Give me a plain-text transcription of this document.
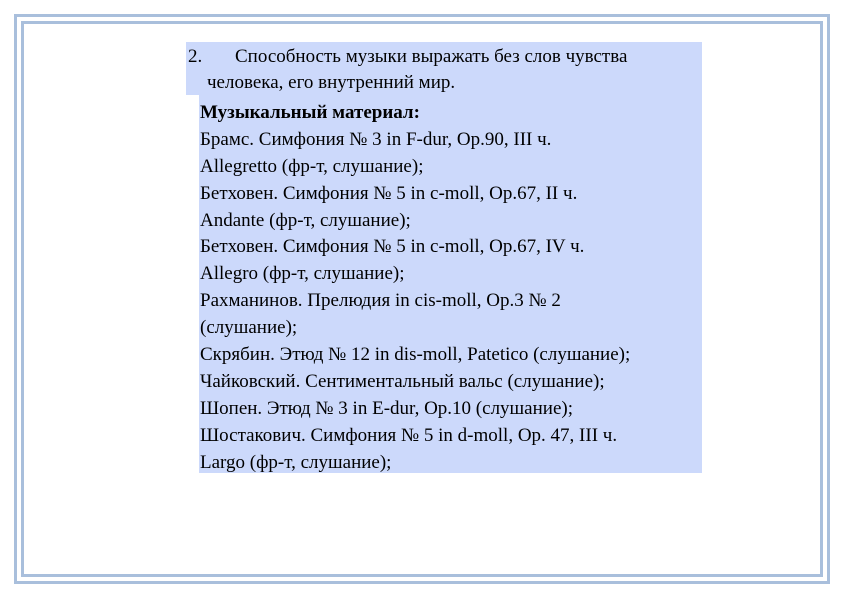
2. Способность музыки выражать без слов чувства
человека, его внутренний мир.
Музыкальный материал:
Брамс. Симфония № 3 in F-dur, Op.90, III ч.
Allegretto (фр-т, слушание);
Бетховен. Симфония № 5 in c-moll, Op.67, II ч.
Andante (фр-т, слушание);
Бетховен. Симфония № 5 in c-moll, Op.67, IV ч.
Allegro (фр-т, слушание);
Рахманинов. Прелюдия in cis-moll, Op.3 № 2
(слушание);
Скрябин. Этюд № 12 in dis-moll, Patetico (слушание);
Чайковский. Сентиментальный вальс (слушание);
Шопен. Этюд № 3 in E-dur, Op.10 (слушание);
Шостакович. Симфония № 5 in d-moll, Op. 47, III ч.
Largo (фр-т, слушание);
